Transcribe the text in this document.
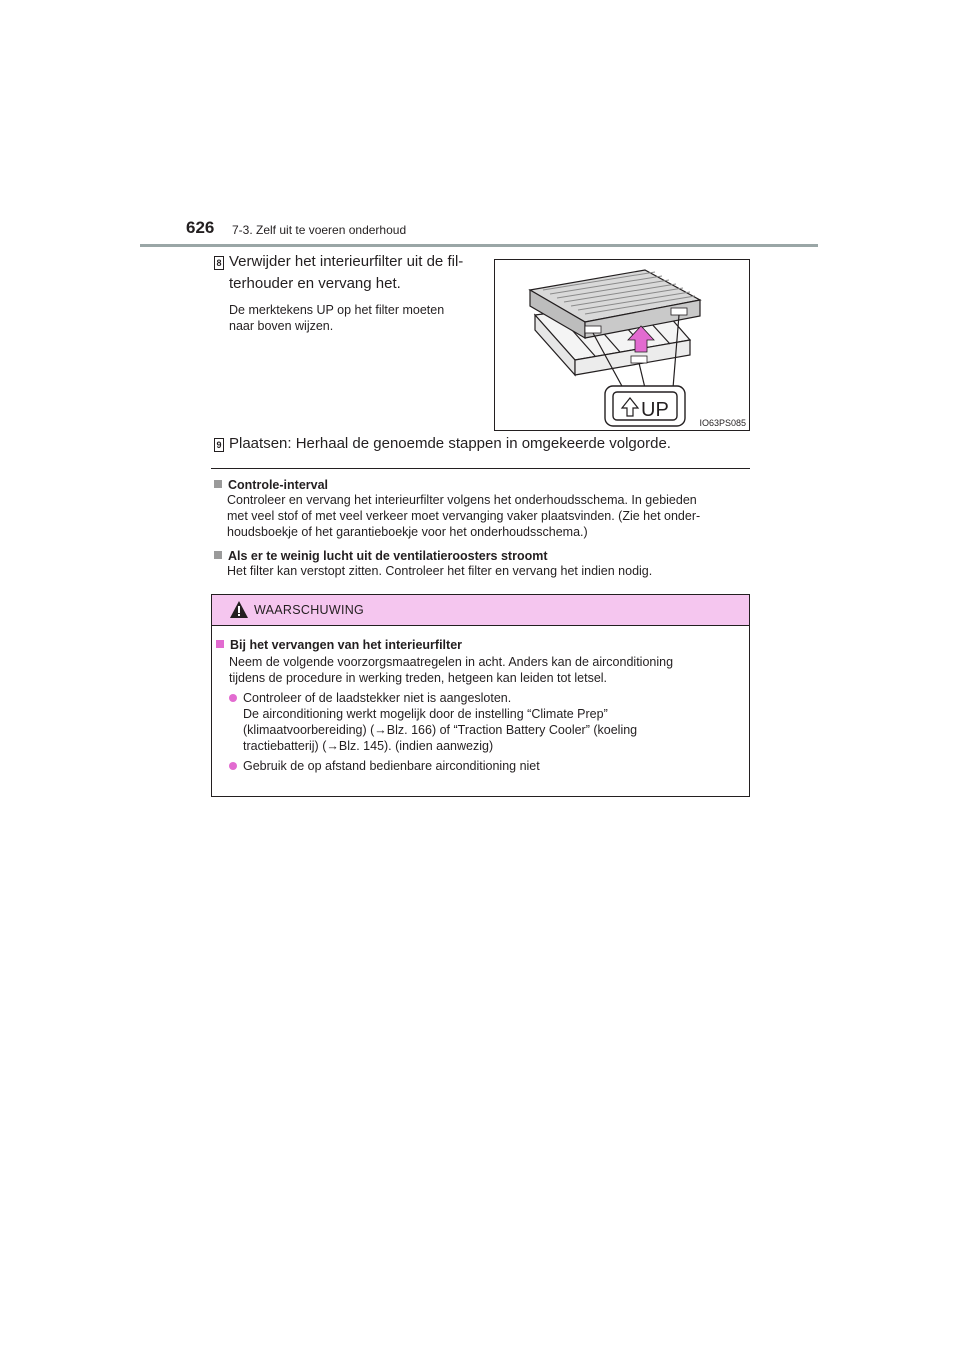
626 7-3. Zelf uit te voeren onderhoud
8 Verwijder het interieurfilter uit de fil-
terhouder en vervang het.
De merktekens UP op het filter moeten
naar boven wijzen.
UP
IO63PS085
9 Plaatsen: Herhaal de genoemde stappen in omgekeerde volgorde.
Controle-interval
Controleer en vervang het interieurfilter volgens het onderhoudsschema. In gebieden
met veel stof of met veel verkeer moet vervanging vaker plaatsvinden. (Zie het onder-
houdsboekje of het garantieboekje voor het onderhoudsschema.)
Als er te weinig lucht uit de ventilatieroosters stroomt
Het filter kan verstopt zitten. Controleer het filter en vervang het indien nodig.
WAARSCHUWING
Bij het vervangen van het interieurfilter
Neem de volgende voorzorgsmaatregelen in acht. Anders kan de airconditioning
tijdens de procedure in werking treden, hetgeen kan leiden tot letsel.
Controleer of de laadstekker niet is aangesloten.
De airconditioning werkt mogelijk door de instelling “Climate Prep”
(klimaatvoorbereiding) (→Blz. 166) of “Traction Battery Cooler” (koeling
tractiebatterij) (→Blz. 145). (indien aanwezig)
Gebruik de op afstand bedienbare airconditioning niet
